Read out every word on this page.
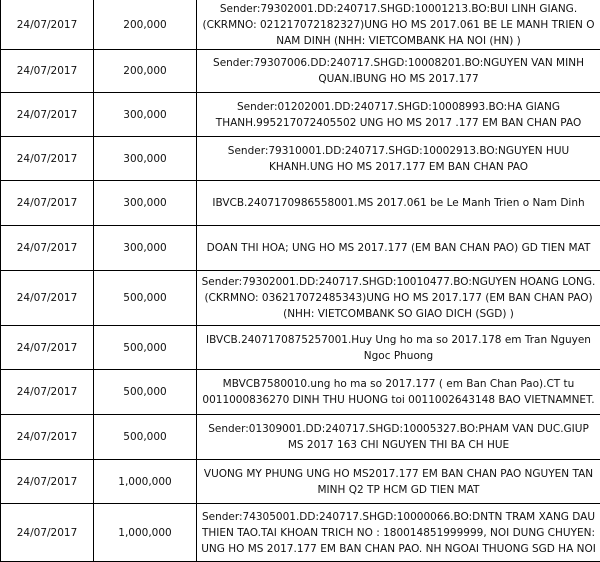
24/07/2017	200,000	Sender:79302001.DD:240717.SHGD:10001213.BO:BUI LINH GIANG.(CKRMNO: 021217072182327)UNG HO MS 2017.061 BE LE MANH TRIEN O NAM DINH (NHH: VIETCOMBANK HA NOI (HN) )
24/07/2017	200,000	Sender:79307006.DD:240717.SHGD:10008201.BO:NGUYEN VAN MINH QUAN.IBUNG HO MS 2017.177
24/07/2017	300,000	Sender:01202001.DD:240717.SHGD:10008993.BO:HA GIANG THANH.995217072405502 UNG HO MS 2017 .177 EM BAN CHAN PAO
24/07/2017	300,000	Sender:79310001.DD:240717.SHGD:10002913.BO:NGUYEN HUU KHANH.UNG HO MS 2017.177 EM BAN CHAN PAO
24/07/2017	300,000	IBVCB.2407170986558001.MS 2017.061 be Le Manh Trien o Nam Dinh
24/07/2017	300,000	DOAN THI HOA; UNG HO MS 2017.177 (EM BAN CHAN PAO) GD TIEN MAT
24/07/2017	500,000	Sender:79302001.DD:240717.SHGD:10010477.BO:NGUYEN HOANG LONG.(CKRMNO: 036217072485343)UNG HO MS 2017.177 (EM BAN CHAN PAO) (NHH: VIETCOMBANK SO GIAO DICH (SGD) )
24/07/2017	500,000	IBVCB.2407170875257001.Huy Ung ho ma so 2017.178 em Tran Nguyen Ngoc Phuong
24/07/2017	500,000	MBVCB7580010.ung ho ma so 2017.177 ( em Ban Chan Pao).CT tu 0011000836270 DINH THU HUONG toi 0011002643148 BAO VIETNAMNET.
24/07/2017	500,000	Sender:01309001.DD:240717.SHGD:10005327.BO:PHAM VAN DUC.GIUP MS 2017 163 CHI NGUYEN THI BA CH HUE
24/07/2017	1,000,000	VUONG MY PHUNG UNG HO MS2017.177 EM BAN CHAN PAO NGUYEN TAN MINH Q2 TP HCM GD TIEN MAT
24/07/2017	1,000,000	Sender:74305001.DD:240717.SHGD:10000066.BO:DNTN TRAM XANG DAU THIEN TAO.TAI KHOAN TRICH NO : 180014851999999, NOI DUNG CHUYEN: UNG HO MS 2017.177 EM BAN CHAN PAO. NH NGOAI THUONG SGD HA NOI
